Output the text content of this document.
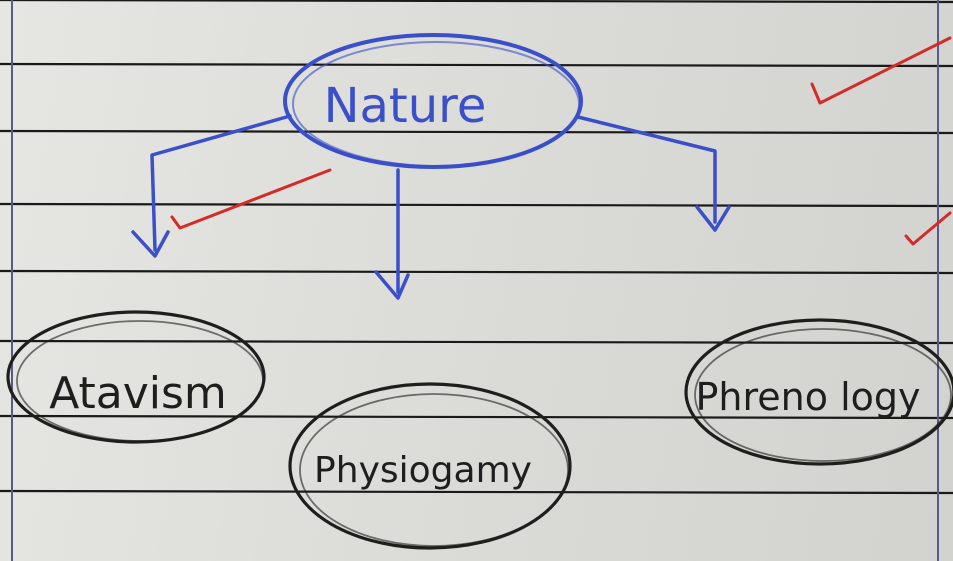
Nature
Atavism
Physiogamy
Phreno logy
